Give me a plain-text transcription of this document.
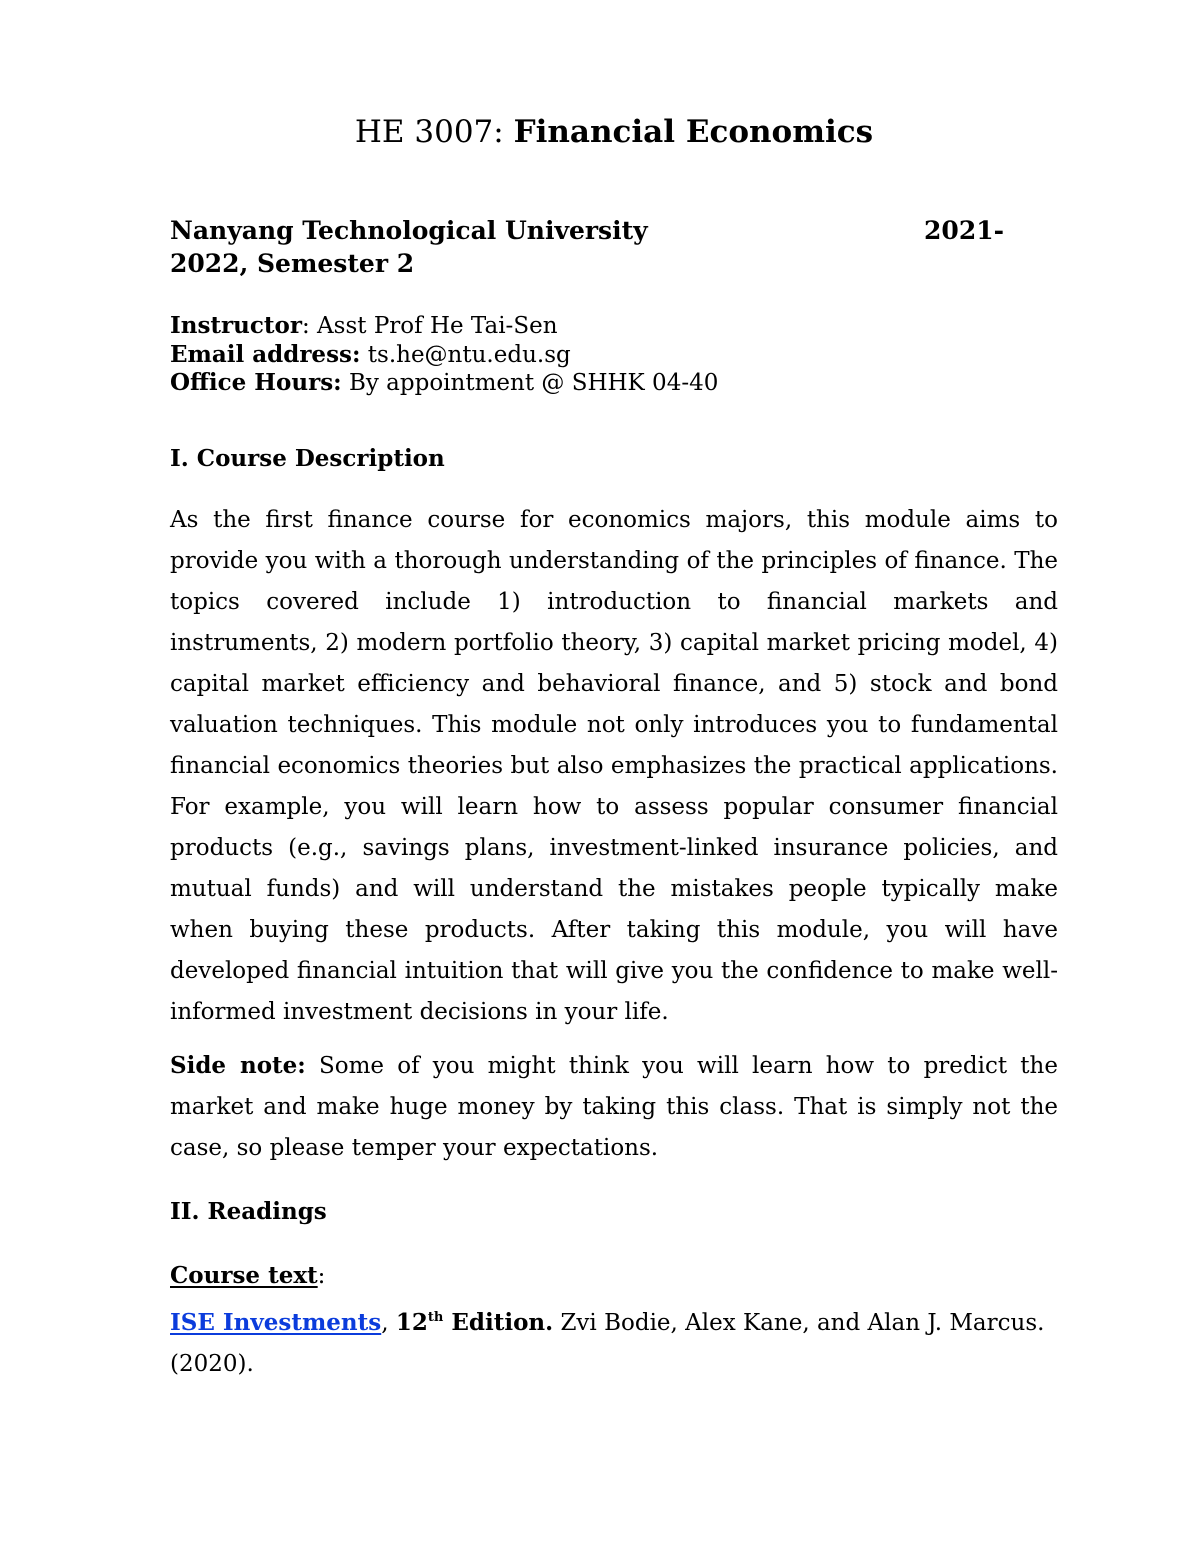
HE 3007: Financial Economics
Nanyang Technological University	2021-
2022, Semester 2
Instructor: Asst Prof He Tai-Sen
Email address: ts.he@ntu.edu.sg
Office Hours: By appointment @ SHHK 04-40
I. Course Description
As the first finance course for economics majors, this module aims to provide you with a thorough understanding of the principles of finance. The topics covered include 1) introduction to financial markets and instruments, 2) modern portfolio theory, 3) capital market pricing model, 4) capital market efficiency and behavioral finance, and 5) stock and bond valuation techniques. This module not only introduces you to fundamental financial economics theories but also emphasizes the practical applications. For example, you will learn how to assess popular consumer financial products (e.g., savings plans, investment-linked insurance policies, and mutual funds) and will understand the mistakes people typically make when buying these products. After taking this module, you will have developed financial intuition that will give you the confidence to make well-informed investment decisions in your life.
Side note: Some of you might think you will learn how to predict the market and make huge money by taking this class. That is simply not the case, so please temper your expectations.
II. Readings
Course text:
ISE Investments, 12th Edition. Zvi Bodie, Alex Kane, and Alan J. Marcus. (2020).
